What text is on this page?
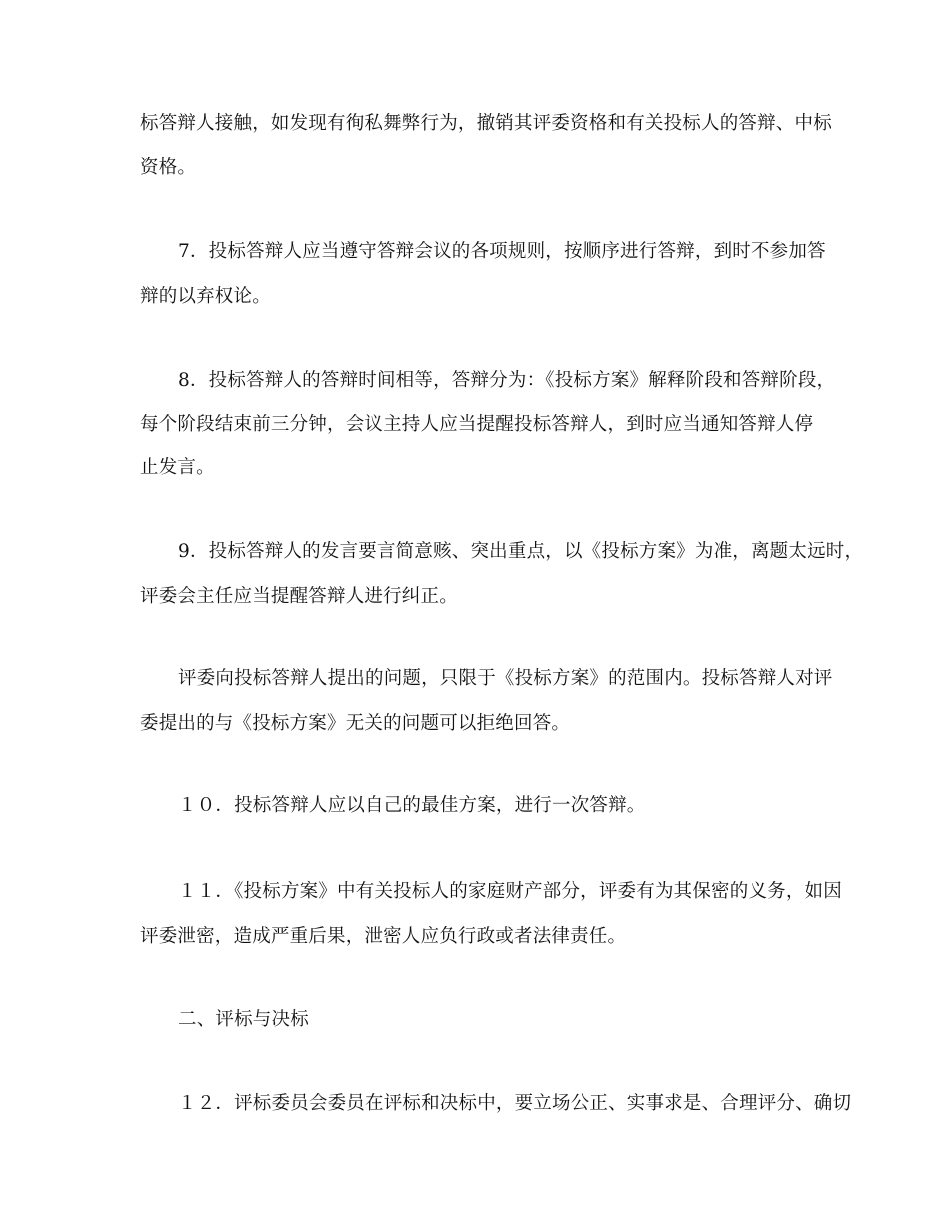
标答辩人接触，如发现有徇私舞弊行为，撤销其评委资格和有关投标人的答辩、中标
资格。
7．投标答辩人应当遵守答辩会议的各项规则，按顺序进行答辩，到时不参加答
辩的以弃权论。
8．投标答辩人的答辩时间相等，答辩分为：《投标方案》解释阶段和答辩阶段，
每个阶段结束前三分钟，会议主持人应当提醒投标答辩人，到时应当通知答辩人停
止发言。
9．投标答辩人的发言要言简意赅、突出重点，以《投标方案》为准，离题太远时，
评委会主任应当提醒答辩人进行纠正。
评委向投标答辩人提出的问题，只限于《投标方案》的范围内。投标答辩人对评
委提出的与《投标方案》无关的问题可以拒绝回答。
１０．投标答辩人应以自己的最佳方案，进行一次答辩。
１１．《投标方案》中有关投标人的家庭财产部分，评委有为其保密的义务，如因
评委泄密，造成严重后果，泄密人应负行政或者法律责任。
二、评标与决标
１２．评标委员会委员在评标和决标中，要立场公正、实事求是、合理评分、确切
